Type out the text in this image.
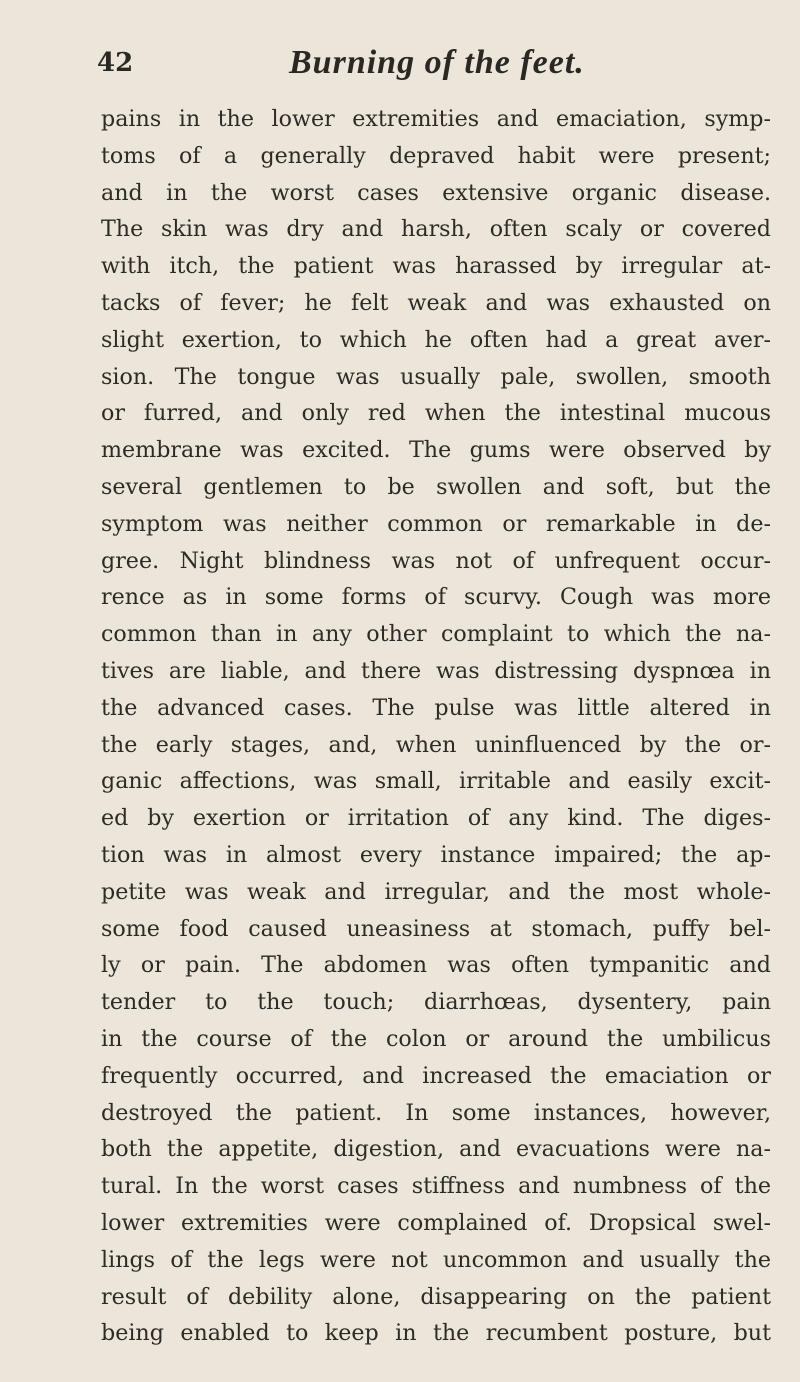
42	Burning of the feet.
pains in the lower extremities and emaciation, symp-
toms of a generally depraved habit were present;
and in the worst cases extensive organic disease.
The skin was dry and harsh, often scaly or covered
with itch, the patient was harassed by irregular at-
tacks of fever; he felt weak and was exhausted on
slight exertion, to which he often had a great aver-
sion. The tongue was usually pale, swollen, smooth
or furred, and only red when the intestinal mucous
membrane was excited. The gums were observed by
several gentlemen to be swollen and soft, but the
symptom was neither common or remarkable in de-
gree. Night blindness was not of unfrequent occur-
rence as in some forms of scurvy. Cough was more
common than in any other complaint to which the na-
tives are liable, and there was distressing dyspnœa in
the advanced cases. The pulse was little altered in
the early stages, and, when uninfluenced by the or-
ganic affections, was small, irritable and easily excit-
ed by exertion or irritation of any kind. The diges-
tion was in almost every instance impaired; the ap-
petite was weak and irregular, and the most whole-
some food caused uneasiness at stomach, puffy bel-
ly or pain. The abdomen was often tympanitic and
tender to the touch; diarrhœas, dysentery, pain
in the course of the colon or around the umbilicus
frequently occurred, and increased the emaciation or
destroyed the patient. In some instances, however,
both the appetite, digestion, and evacuations were na-
tural. In the worst cases stiffness and numbness of the
lower extremities were complained of. Dropsical swel-
lings of the legs were not uncommon and usually the
result of debility alone, disappearing on the patient
being enabled to keep in the recumbent posture, but
